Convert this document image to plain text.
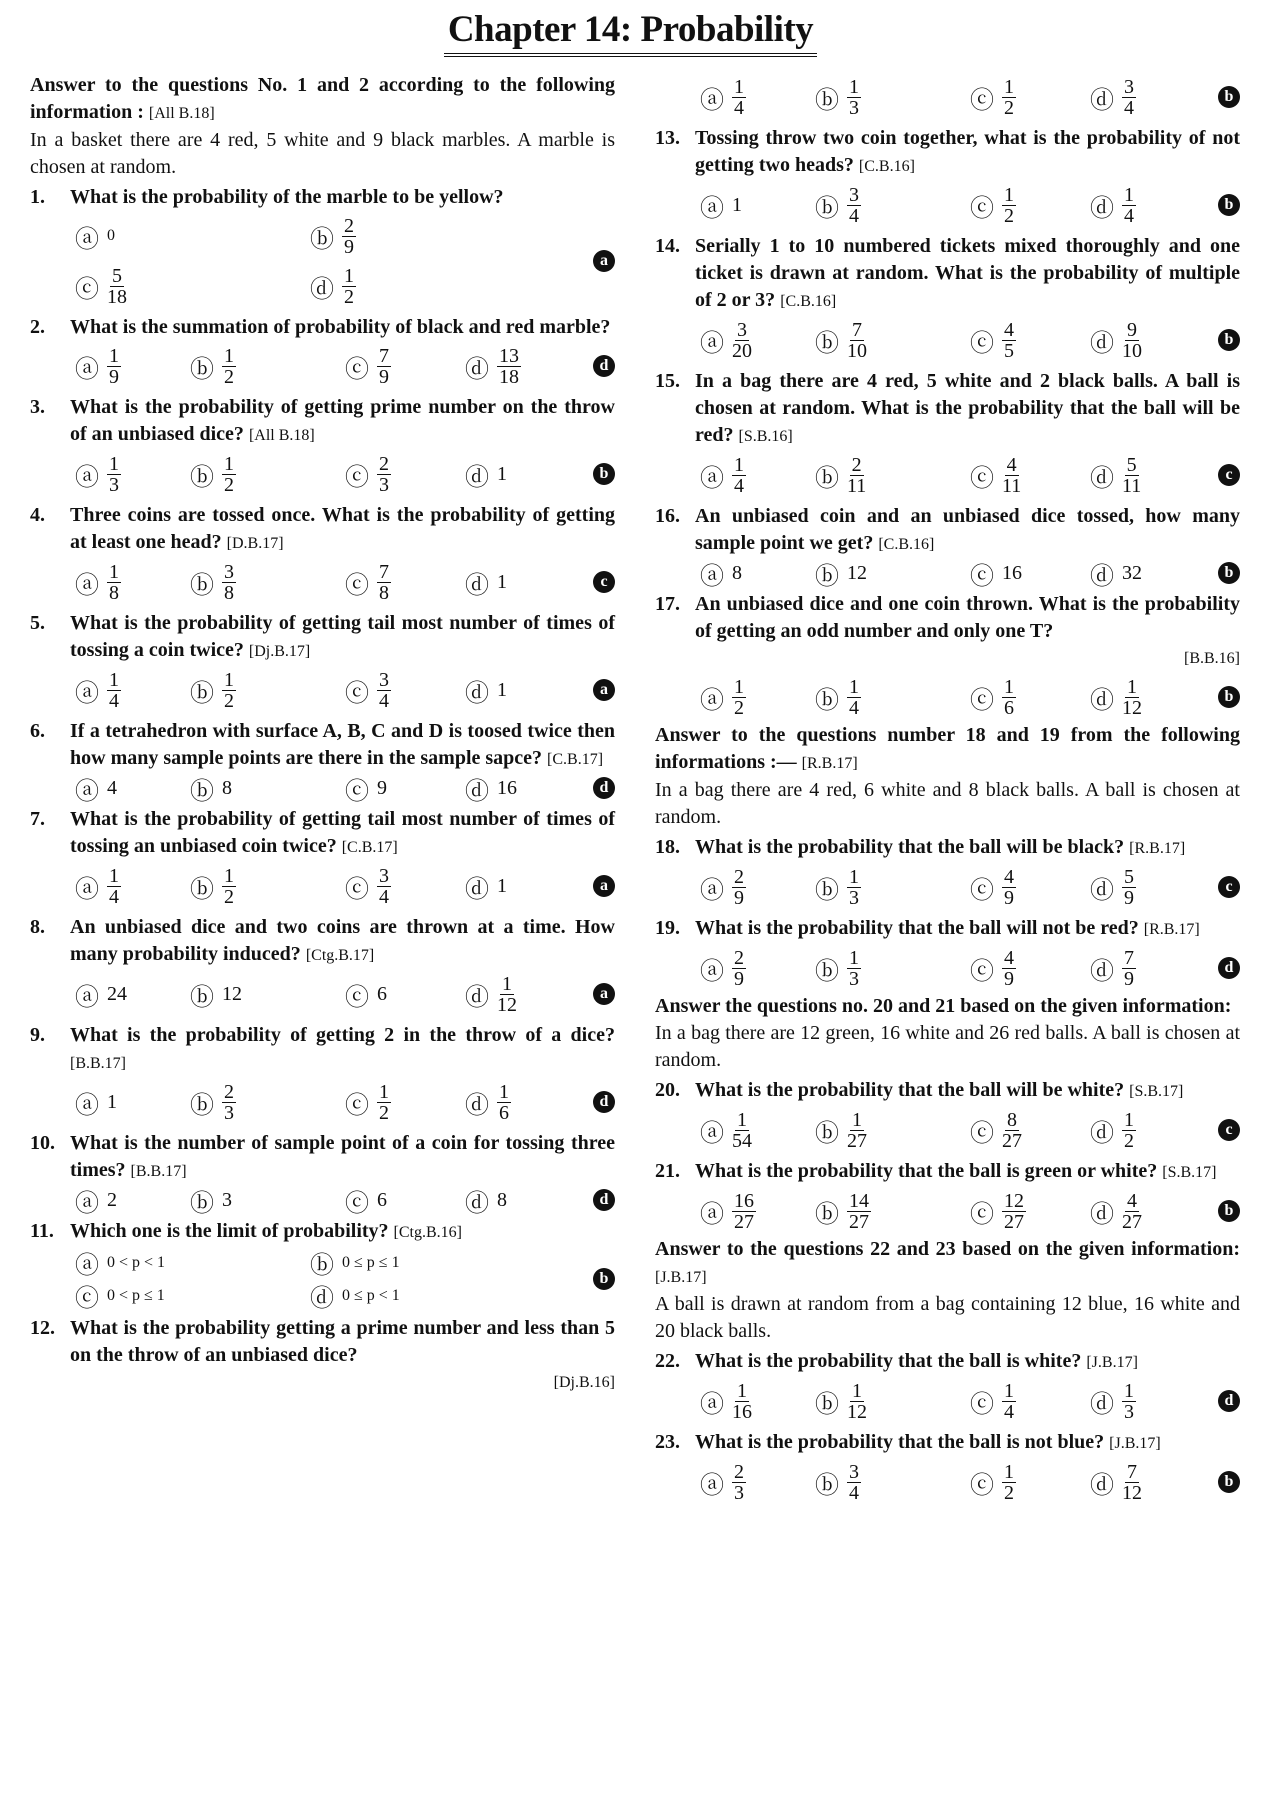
Chapter 14: Probability
Answer to the questions No. 1 and 2 according to the following information : [All B.18]
In a basket there are 4 red, 5 white and 9 black marbles. A marble is chosen at random.
1. What is the probability of the marble to be yellow?
ⓐ 0	ⓑ $\frac{2}{9}$
ⓒ $\frac{5}{18}$	ⓓ $\frac{1}{2}$
a
2. What is the summation of probability of black and red marble?
ⓐ $\frac{1}{9}$	ⓑ $\frac{1}{2}$	ⓒ $\frac{7}{9}$	ⓓ $\frac{13}{18}$	d
3. What is the probability of getting prime number on the throw of an unbiased dice? [All B.18]
ⓐ $\frac{1}{3}$	ⓑ $\frac{1}{2}$	ⓒ $\frac{2}{3}$	ⓓ 1	b
4. Three coins are tossed once. What is the probability of getting at least one head? [D.B.17]
ⓐ $\frac{1}{8}$	ⓑ $\frac{3}{8}$	ⓒ $\frac{7}{8}$	ⓓ 1	c
5. What is the probability of getting tail most number of times of tossing a coin twice? [Dj.B.17]
ⓐ $\frac{1}{4}$	ⓑ $\frac{1}{2}$	ⓒ $\frac{3}{4}$	ⓓ 1	a
6. If a tetrahedron with surface A, B, C and D is toosed twice then how many sample points are there in the sample sapce? [C.B.17]
ⓐ 4	ⓑ 8	ⓒ 9	ⓓ 16	d
7. What is the probability of getting tail most number of times of tossing an unbiased coin twice? [C.B.17]
ⓐ $\frac{1}{4}$	ⓑ $\frac{1}{2}$	ⓒ $\frac{3}{4}$	ⓓ 1	a
8. An unbiased dice and two coins are thrown at a time. How many probability induced? [Ctg.B.17]
ⓐ 24	ⓑ 12	ⓒ 6	ⓓ $\frac{1}{12}$	a
9. What is the probability of getting 2 in the throw of a dice? [B.B.17]
ⓐ 1	ⓑ $\frac{2}{3}$	ⓒ $\frac{1}{2}$	ⓓ $\frac{1}{6}$	d
10. What is the number of sample point of a coin for tossing three times? [B.B.17]
ⓐ 2	ⓑ 3	ⓒ 6	ⓓ 8	d
11. Which one is the limit of probability? [Ctg.B.16]
ⓐ 0 < p < 1	ⓑ 0 ≤ p ≤ 1
ⓒ 0 < p ≤ 1	ⓓ 0 ≤ p < 1
b
12. What is the probability getting a prime number and less than 5 on the throw of an unbiased dice?
[Dj.B.16]
ⓐ $\frac{1}{4}$	ⓑ $\frac{1}{3}$	ⓒ $\frac{1}{2}$	ⓓ $\frac{3}{4}$	b
13. Tossing throw two coin together, what is the probability of not getting two heads? [C.B.16]
ⓐ 1	ⓑ $\frac{3}{4}$	ⓒ $\frac{1}{2}$	ⓓ $\frac{1}{4}$	b
14. Serially 1 to 10 numbered tickets mixed thoroughly and one ticket is drawn at random. What is the probability of multiple of 2 or 3? [C.B.16]
ⓐ $\frac{3}{20}$	ⓑ $\frac{7}{10}$	ⓒ $\frac{4}{5}$	ⓓ $\frac{9}{10}$	b
15. In a bag there are 4 red, 5 white and 2 black balls. A ball is chosen at random. What is the probability that the ball will be red? [S.B.16]
ⓐ $\frac{1}{4}$	ⓑ $\frac{2}{11}$	ⓒ $\frac{4}{11}$	ⓓ $\frac{5}{11}$	c
16. An unbiased coin and an unbiased dice tossed, how many sample point we get? [C.B.16]
ⓐ 8	ⓑ 12	ⓒ 16	ⓓ 32	b
17. An unbiased dice and one coin thrown. What is the probability of getting an odd number and only one T?
[B.B.16]
ⓐ $\frac{1}{2}$	ⓑ $\frac{1}{4}$	ⓒ $\frac{1}{6}$	ⓓ $\frac{1}{12}$	b
Answer to the questions number 18 and 19 from the following informations :— [R.B.17]
In a bag there are 4 red, 6 white and 8 black balls. A ball is chosen at random.
18. What is the probability that the ball will be black? [R.B.17]
ⓐ $\frac{2}{9}$	ⓑ $\frac{1}{3}$	ⓒ $\frac{4}{9}$	ⓓ $\frac{5}{9}$	c
19. What is the probability that the ball will not be red? [R.B.17]
ⓐ $\frac{2}{9}$	ⓑ $\frac{1}{3}$	ⓒ $\frac{4}{9}$	ⓓ $\frac{7}{9}$	d
Answer the questions no. 20 and 21 based on the given information:
In a bag there are 12 green, 16 white and 26 red balls. A ball is chosen at random.
20. What is the probability that the ball will be white? [S.B.17]
ⓐ $\frac{1}{54}$	ⓑ $\frac{1}{27}$	ⓒ $\frac{8}{27}$	ⓓ $\frac{1}{2}$	c
21. What is the probability that the ball is green or white? [S.B.17]
ⓐ $\frac{16}{27}$ ⓑ $\frac{14}{27}$	ⓒ $\frac{12}{27}$	ⓓ $\frac{4}{27}$	b
Answer to the questions 22 and 23 based on the given information: [J.B.17]
A ball is drawn at random from a bag containing 12 blue, 16 white and 20 black balls.
22. What is the probability that the ball is white? [J.B.17]
ⓐ $\frac{1}{16}$	ⓑ $\frac{1}{12}$	ⓒ $\frac{1}{4}$	ⓓ $\frac{1}{3}$	d
23. What is the probability that the ball is not blue? [J.B.17]
ⓐ $\frac{2}{3}$	ⓑ $\frac{3}{4}$	ⓒ $\frac{1}{2}$	ⓓ $\frac{7}{12}$	b
